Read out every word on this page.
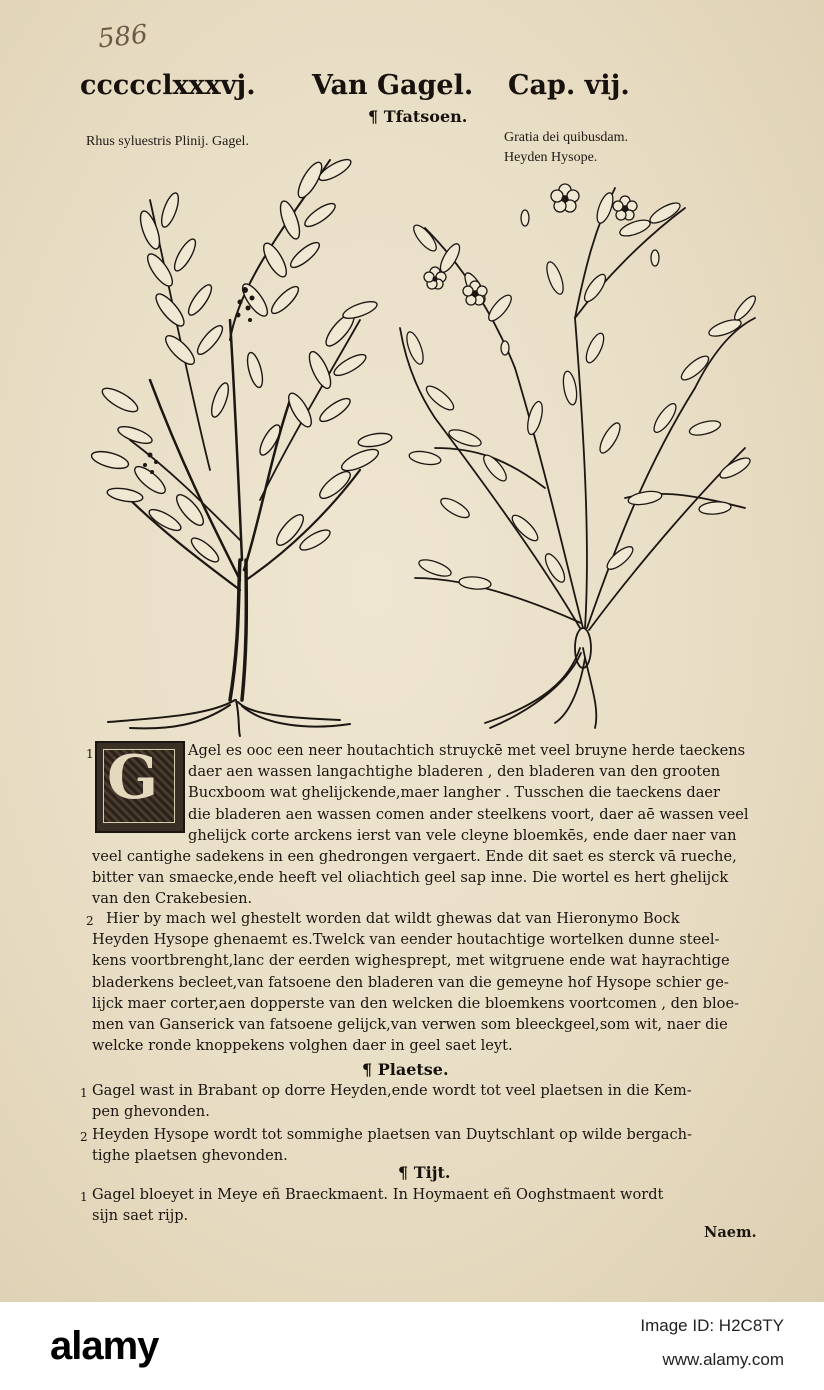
586
ccccclxxxvj. Van Gagel. Cap. vij.
¶ Tfatsoen.
Rhus syluestris Plinij. Gagel.	Gratia dei quibusdam.
Heyden Hysope.
G
1	Agel es ooc een neer houtachtich struyckē met veel bruyne herde taeckens
daer aen wassen langachtighe bladeren , den bladeren van den grooten
Bucxboom wat ghelijckende,maer langher . Tusschen die taeckens daer
die bladeren aen wassen comen ander steelkens voort, daer aē wassen veel
ghelijck corte arckens ierst van vele cleyne bloemkēs, ende daer naer van
veel cantighe sadekens in een ghedrongen vergaert. Ende dit saet es sterck vā rueche,
bitter van smaecke,ende heeft vel oliachtich geel sap inne. Die wortel es hert ghelijck
van den Crakebesien.
2 Hier by mach wel ghestelt worden dat wildt ghewas dat van Hieronymo Bock
Heyden Hysope ghenaemt es.Twelck van eender houtachtige wortelken dunne steel-
kens voortbrenght,lanc der eerden wighesprept, met witgruene ende wat hayrachtige
bladerkens becleet,van fatsoene den bladeren van die gemeyne hof Hysope schier ge-
lijck maer corter,aen dopperste van den welcken die bloemkens voortcomen , den bloe-
men van Ganserick van fatsoene gelijck,van verwen som bleeckgeel,som wit, naer die
welcke ronde knoppekens volghen daer in geel saet leyt.
¶ Plaetse.
1 Gagel wast in Brabant op dorre Heyden,ende wordt tot veel plaetsen in die Kem-
pen ghevonden.
2 Heyden Hysope wordt tot sommighe plaetsen van Duytschlant op wilde bergach-
tighe plaetsen ghevonden.
¶ Tijt.
1 Gagel bloeyet in Meye eñ Braeckmaent. In Hoymaent eñ Ooghstmaent wordt
sijn saet rijp.
Naem.
alamy	Image ID: H2C8TY
www.alamy.com
